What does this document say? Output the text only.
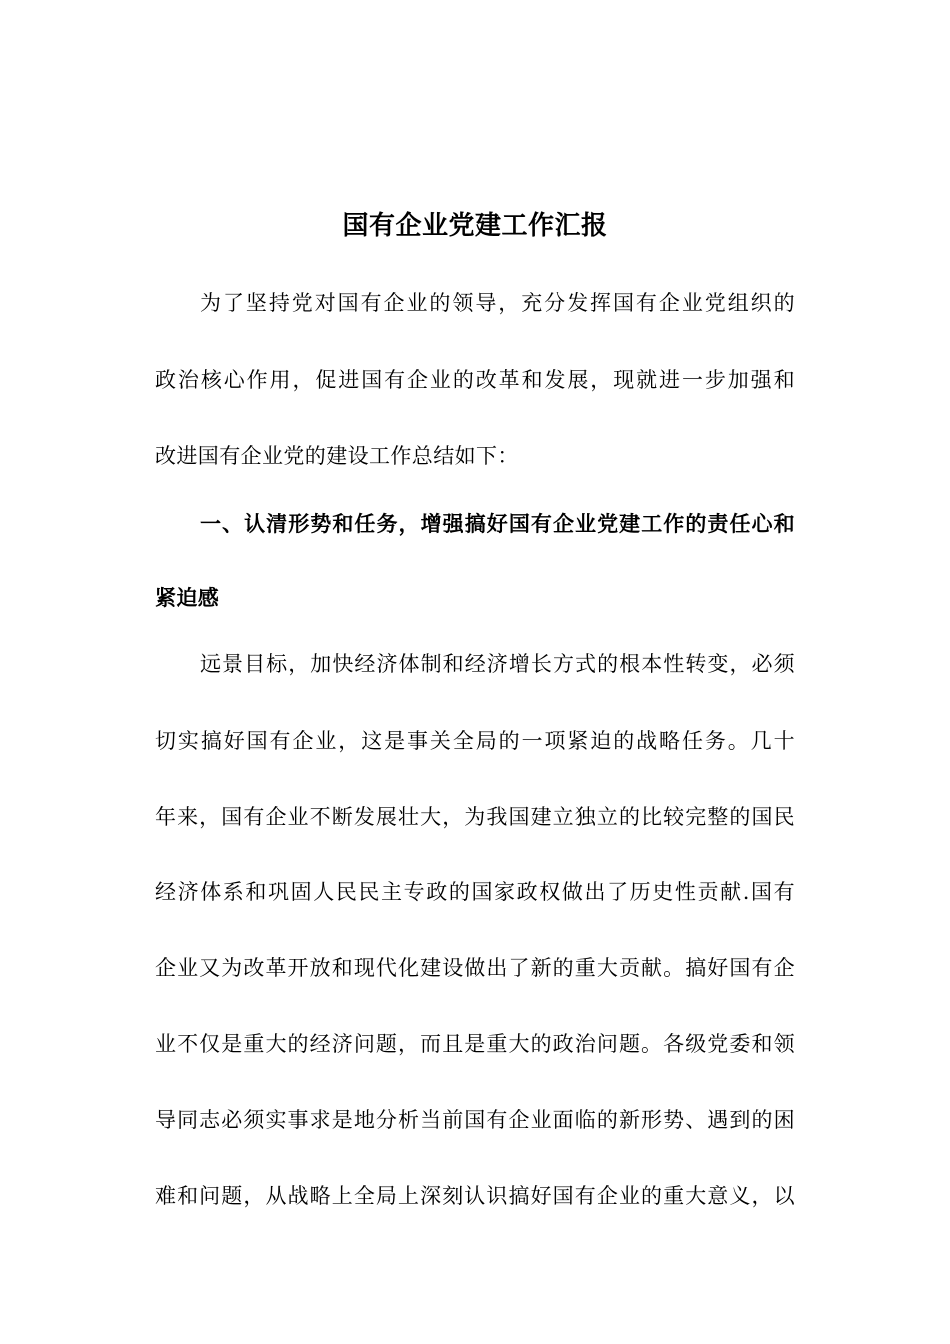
国有企业党建工作汇报

为了坚持党对国有企业的领导，充分发挥国有企业党组织的

政治核心作用，促进国有企业的改革和发展，现就进一步加强和

改进国有企业党的建设工作总结如下：

一、认清形势和任务，增强搞好国有企业党建工作的责任心和

紧迫感

远景目标，加快经济体制和经济增长方式的根本性转变，必须

切实搞好国有企业，这是事关全局的一项紧迫的战略任务。几十

年来，国有企业不断发展壮大，为我国建立独立的比较完整的国民

经济体系和巩固人民民主专政的国家政权做出了历史性贡献.国有

企业又为改革开放和现代化建设做出了新的重大贡献。搞好国有企

业不仅是重大的经济问题，而且是重大的政治问题。各级党委和领

导同志必须实事求是地分析当前国有企业面临的新形势、遇到的困

难和问题，从战略上全局上深刻认识搞好国有企业的重大意义，以
